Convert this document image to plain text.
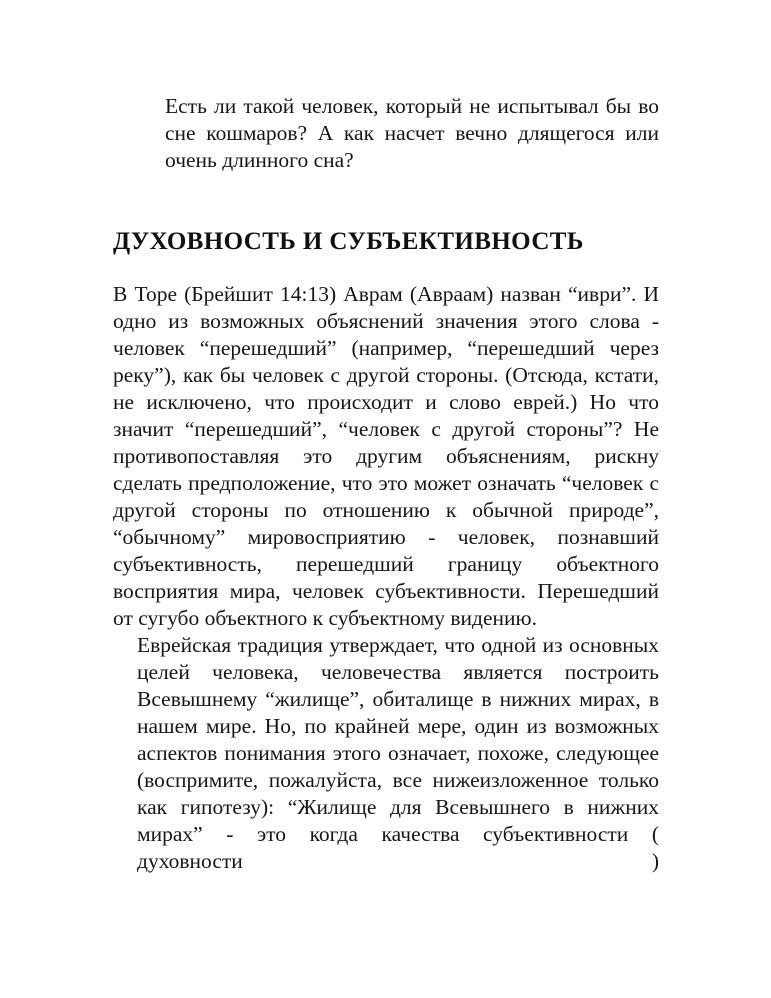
Есть ли такой человек, который не испытывал бы во сне кошмаров? А как насчет вечно длящегося или очень длинного сна?

ДУХОВНОСТЬ И СУБЪЕКТИВНОСТЬ

В Торе (Брейшит 14:13) Аврам (Авраам) назван “иври”. И одно из возможных объяснений значения этого слова - человек “перешедший” (например, “перешедший через реку”), как бы человек с другой стороны. (Отсюда, кстати, не исключено, что происходит и слово еврей.) Но что значит “перешедший”, “человек с другой стороны”? Не противопоставляя это другим объяснениям, рискну сделать предположение, что это может означать “человек с другой стороны по отношению к обычной природе”, “обычному” мировосприятию - человек, познавший субъективность, перешедший границу объектного восприятия мира, человек субъективности. Перешедший от сугубо объектного к субъектному видению.

Еврейская традиция утверждает, что одной из основных целей человека, человечества является построить Всевышнему “жилище”, обиталище в нижних мирах, в нашем мире. Но, по крайней мере, один из возможных аспектов понимания этого означает, похоже, следующее (воспримите, пожалуйста, все нижеизложенное только как гипотезу): “Жилище для Всевышнего в нижних мирах” - это когда качества субъективности ( духовности )
